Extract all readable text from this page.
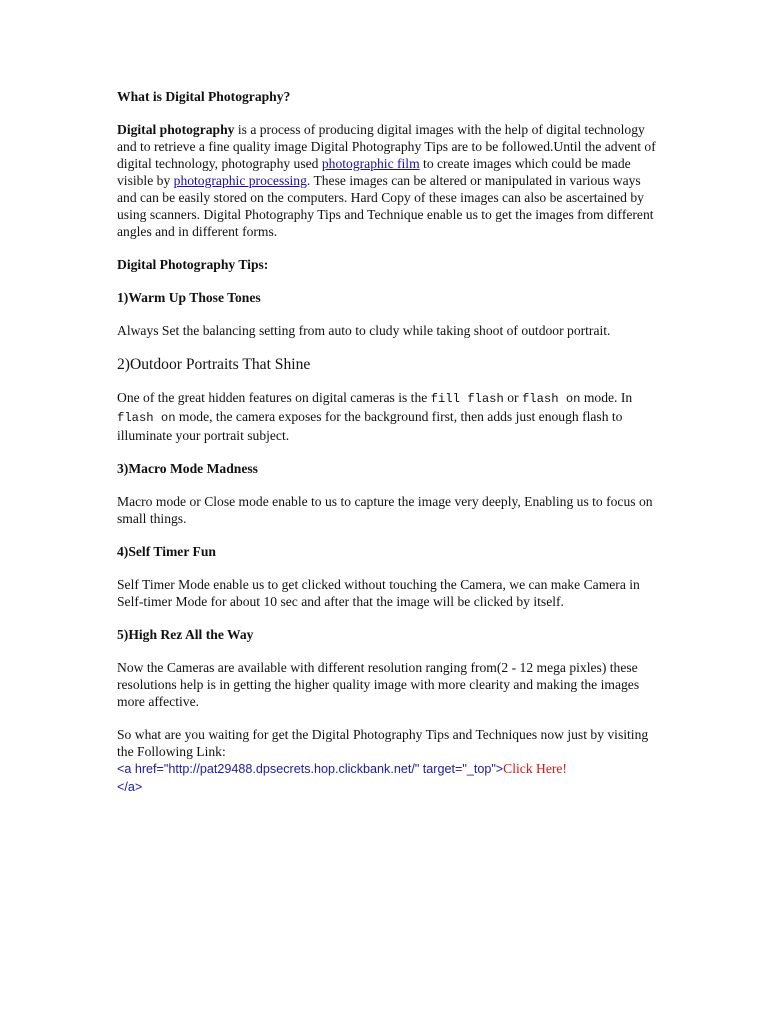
What is Digital Photography?

Digital photography is a process of producing digital images with the help of digital technology and to retrieve a fine quality image Digital Photography Tips are to be followed.Until the advent of digital technology, photography used photographic film to create images which could be made visible by photographic processing. These images can be altered or manipulated in various ways and can be easily stored on the computers. Hard Copy of these images can also be ascertained by using scanners. Digital Photography Tips and Technique enable us to get the images from different angles and in different forms.

Digital Photography Tips:

1)Warm Up Those Tones

Always Set the balancing setting from auto to cludy while taking shoot of outdoor portrait.

2)Outdoor Portraits That Shine

One of the great hidden features on digital cameras is the fill flash or flash on mode. In flash on mode, the camera exposes for the background first, then adds just enough flash to illuminate your portrait subject.

3)Macro Mode Madness

Macro mode or Close mode enable to us to capture the image very deeply, Enabling us to focus on small things.

4)Self Timer Fun

Self Timer Mode enable us to get clicked without touching the Camera, we can make Camera in Self-timer Mode for about 10 sec and after that the image will be clicked by itself.

5)High Rez All the Way

Now the Cameras are available with different resolution ranging from(2 - 12 mega pixles) these resolutions help is in getting the higher quality image with more clearity and making the images more affective.

So what are you waiting for get the Digital Photography Tips and Techniques now just by visiting the Following Link:
<a href="http://pat29488.dpsecrets.hop.clickbank.net/" target="_top">Click Here!
</a>
